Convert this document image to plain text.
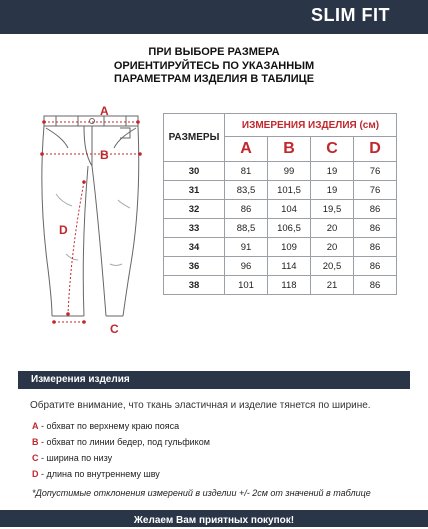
SLIM FIT
ПРИ ВЫБОРЕ РАЗМЕРА
ОРИЕНТИРУЙТЕСЬ ПО УКАЗАННЫМ
ПАРАМЕТРАМ ИЗДЕЛИЯ В ТАБЛИЦЕ
A
B
D
C
РАЗМЕРЫ	ИЗМЕРЕНИЯ ИЗДЕЛИЯ (см)			
	A	B	C	D
30	81	99	19	76
31	83,5	101,5	19	76
32	86	104	19,5	86
33	88,5	106,5	20	86
34	91	109	20	86
36	96	114	20,5	86
38	101	118	21	86
Измерения изделия
Обратите внимание, что ткань эластичная и изделие тянется по ширине.
A - обхват по верхнему краю пояса
B - обхват по линии бедер, под гульфиком
C - ширина по низу
D - длина по внутреннему шву
*Допустимые отклонения измерений в изделии +/- 2см от значений в таблице
Желаем Вам приятных покупок!
